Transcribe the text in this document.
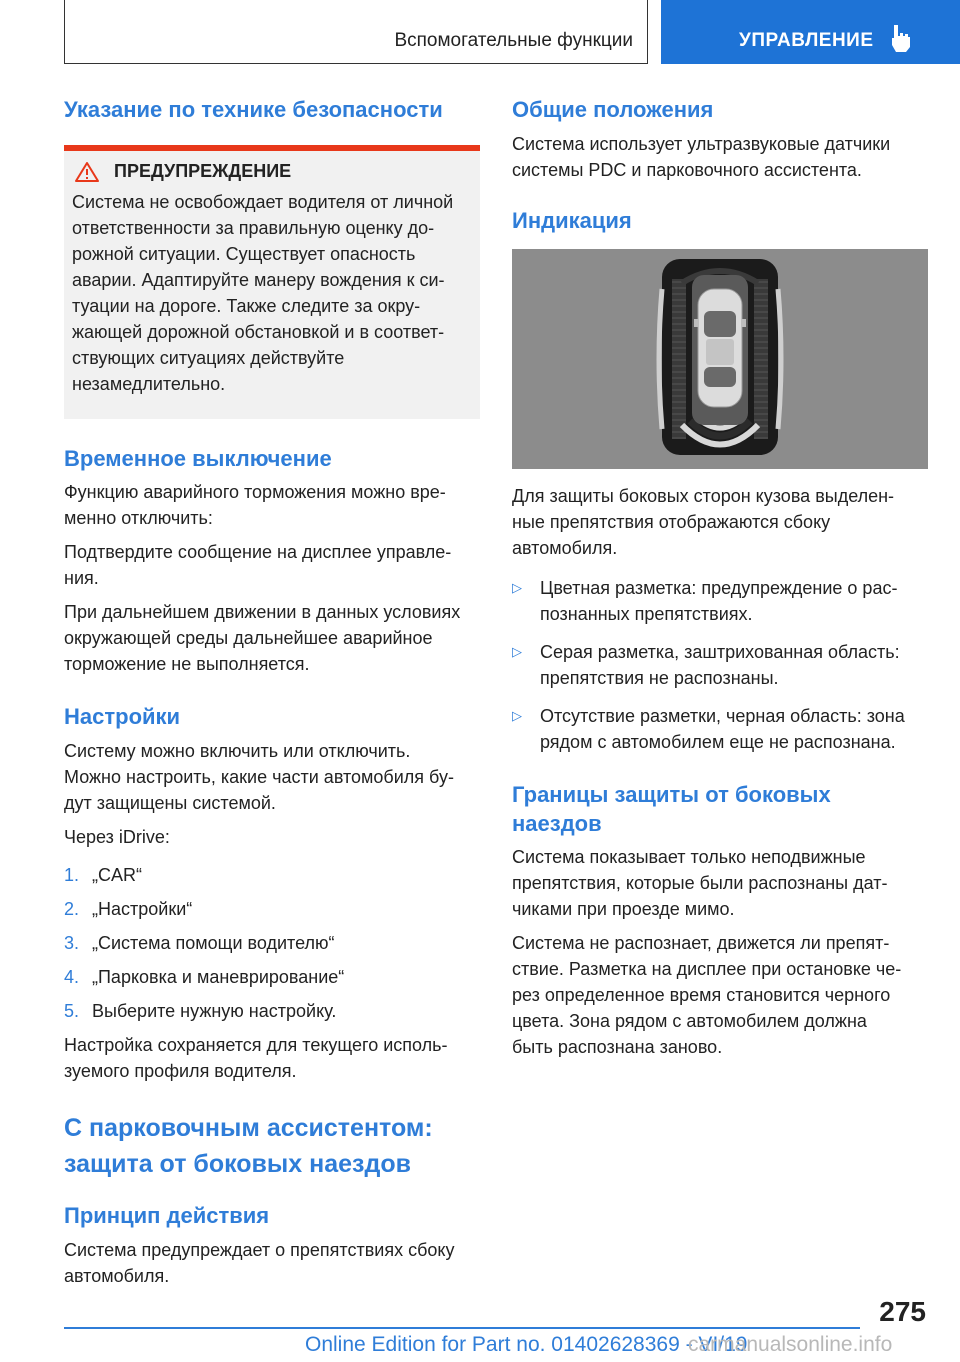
Вспомогательные функции	УПРАВЛЕНИЕ
Указание по технике безопасности
ПРЕДУПРЕЖДЕНИЕ

Система не освобождает водителя от личной
ответственности за правильную оценку до-
рожной ситуации. Существует опасность
аварии. Адаптируйте манеру вождения к си-
туации на дороге. Также следите за окру-
жающей дорожной обстановкой и в соответ-
ствующих ситуациях действуйте
незамедлительно.

Временное выключение

Функцию аварийного торможения можно вре-
менно отключить:

Подтвердите сообщение на дисплее управле-
ния.

При дальнейшем движении в данных условиях
окружающей среды дальнейшее аварийное
торможение не выполняется.

Настройки

Систему можно включить или отключить.
Можно настроить, какие части автомобиля бу-
дут защищены системой.

Через iDrive:

1. „CAR“
2. „Настройки“
3. „Система помощи водителю“
4. „Парковка и маневрирование“
5. Выберите нужную настройку.

Настройка сохраняется для текущего исполь-
зуемого профиля водителя.

С парковочным ассистентом:
защита от боковых наездов
Принцип действия

Система предупреждает о препятствиях сбоку
автомобиля.

Общие положения

Система использует ультразвуковые датчики
системы PDC и парковочного ассистента.

Индикация

Для защиты боковых сторон кузова выделен-
ные препятствия отображаются сбоку
автомобиля.

▷	Цветная разметка: предупреждение о рас-
познанных препятствиях.
▷	Серая разметка, заштрихованная область:
препятствия не распознаны.
▷	Отсутствие разметки, черная область: зона
рядом с автомобилем еще не распознана.
Границы защиты от боковых
наездов

Система показывает только неподвижные
препятствия, которые были распознаны дат-
чиками при проезде мимо.

Система не распознает, движется ли препят-
ствие. Разметка на дисплее при остановке че-
рез определенное время становится черного
цвета. Зона рядом с автомобилем должна
быть распознана заново.

275
Online Edition for Part no. 01402628369 - VI/19
carmanualsonline.info
